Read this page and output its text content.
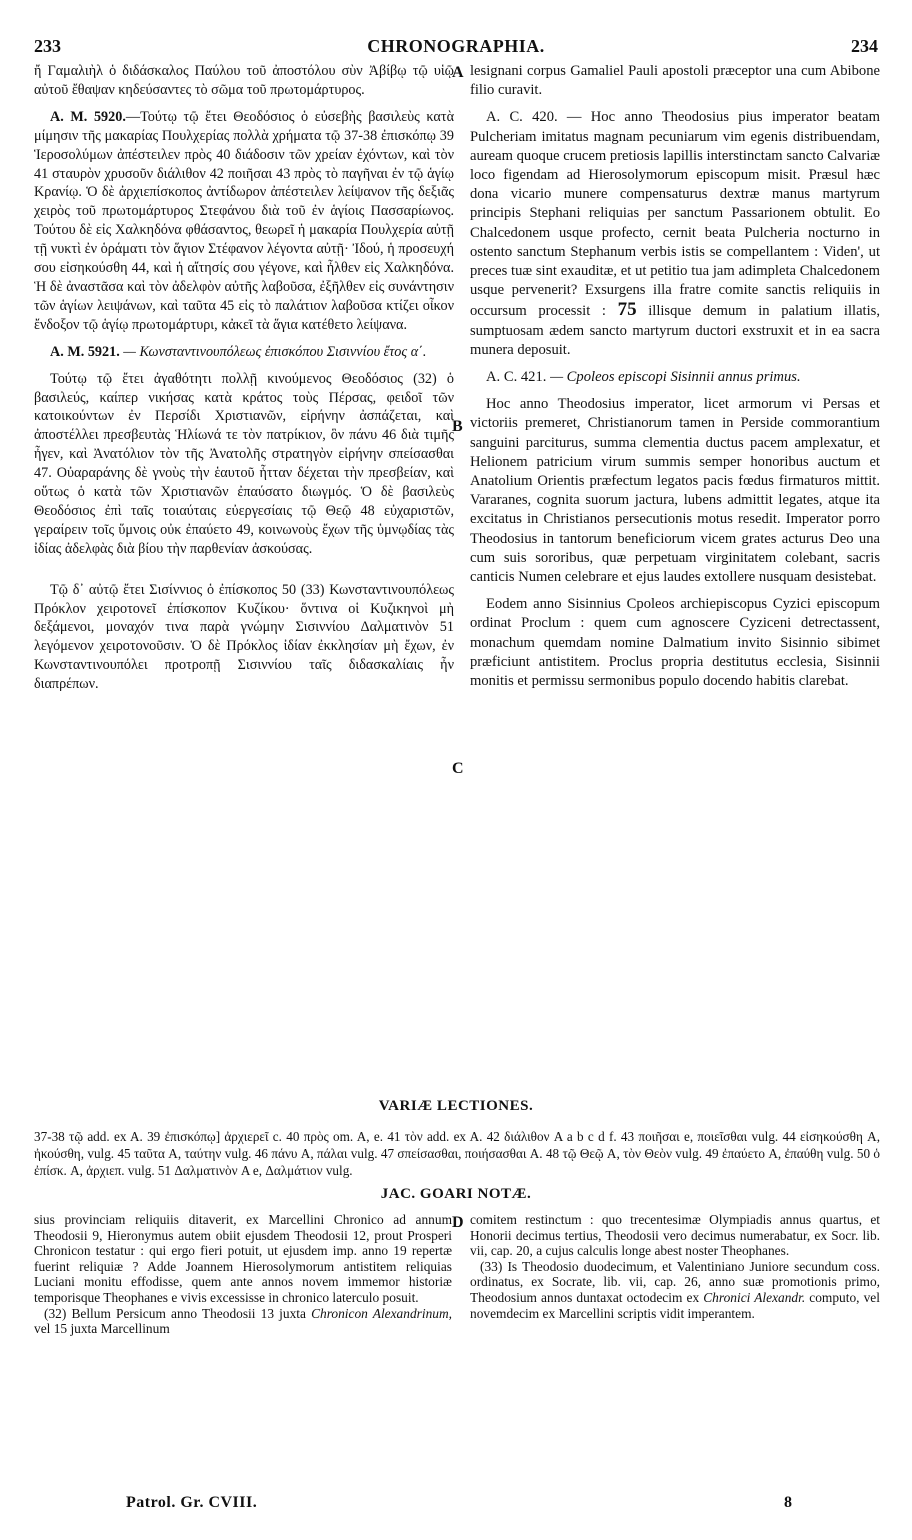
233	CHRONOGRAPHIA.	234

ἤ Γαμαλιὴλ ὁ διδάσκαλος Παύλου τοῦ ἀποστόλου σὺν Ἀβίβῳ τῷ υἱῷ αὐτοῦ ἔθαψαν κηδεύσαντες τὸ σῶμα τοῦ πρωτομάρτυρος.

A. M. 5920.—Τούτῳ τῷ ἔτει Θεοδόσιος ὁ εὐσεβὴς βασιλεὺς κατὰ μίμησιν τῆς μακαρίας Πουλχερίας πολλὰ χρήματα τῷ 37-38 ἐπισκόπῳ 39 Ἱεροσολύμων ἀπέστειλεν πρὸς 40 διάδοσιν τῶν χρείαν ἐχόντων, καὶ τὸν 41 σταυρὸν χρυσοῦν διάλιθον 42 ποιῆσαι 43 πρὸς τὸ παγῆναι ἐν τῷ ἁγίῳ Κρανίῳ. Ὁ δὲ ἀρχιεπίσκοπος ἀντίδωρον ἀπέστειλεν λείψανον τῆς δεξιᾶς χειρὸς τοῦ πρωτομάρτυρος Στεφάνου διὰ τοῦ ἐν ἁγίοις Πασσαρίωνος. Τούτου δὲ εἰς Χαλκηδόνα φθάσαντος, θεωρεῖ ἡ μακαρία Πουλχερία αὐτῇ τῇ νυκτὶ ἐν ὁράματι τὸν ἅγιον Στέφανον λέγοντα αὐτῇ· Ἰδού, ἡ προσευχή σου εἰσηκούσθη 44, καὶ ἡ αἴτησίς σου γέγονε, καὶ ἦλθεν εἰς Χαλκηδόνα. Ἡ δὲ ἀναστᾶσα καὶ τὸν ἀδελφὸν αὐτῆς λαβοῦσα, ἐξῆλθεν εἰς συνάντησιν τῶν ἁγίων λειψάνων, καὶ ταῦτα 45 εἰς τὸ παλάτιον λαβοῦσα κτίζει οἶκον ἔνδοξον τῷ ἁγίῳ πρωτομάρτυρι, κἀκεῖ τὰ ἅγια κατέθετο λείψανα.

A. M. 5921. — Κωνσταντινουπόλεως ἐπισκόπου Σισιννίου ἔτος α΄.

Τούτῳ τῷ ἔτει ἀγαθότητι πολλῇ κινούμενος Θεοδόσιος (32) ὁ βασιλεύς, καίπερ νικήσας κατὰ κράτος τοὺς Πέρσας, φειδοῖ τῶν κατοικούντων ἐν Περσίδι Χριστιανῶν, εἰρήνην ἀσπάζεται, καὶ ἀποστέλλει πρεσβευτὰς Ἡλίωνά τε τὸν πατρίκιον, ὃν πάνυ 46 διὰ τιμῆς ἦγεν, καὶ Ἀνατόλιον τὸν τῆς Ἀνατολῆς στρατηγὸν εἰρήνην σπείσασθαι 47. Οὐαραράνης δὲ γνοὺς τὴν ἑαυτοῦ ἧτταν δέχεται τὴν πρεσβείαν, καὶ οὕτως ὁ κατὰ τῶν Χριστιανῶν ἐπαύσατο διωγμός. Ὁ δὲ βασιλεὺς Θεοδόσιος ἐπὶ ταῖς τοιαύταις εὐεργεσίαις τῷ Θεῷ 48 εὐχαριστῶν, γεραίρειν τοῖς ὕμνοις οὐκ ἐπαύετο 49, κοινωνοὺς ἔχων τῆς ὑμνῳδίας τὰς ἰδίας ἀδελφὰς διὰ βίου τὴν παρθενίαν ἀσκούσας.

Τῷ δ᾽ αὐτῷ ἔτει Σισίννιος ὁ ἐπίσκοπος 50 (33) Κωνσταντινουπόλεως Πρόκλον χειροτονεῖ ἐπίσκοπον Κυζίκου· ὅντινα οἱ Κυζικηνοὶ μὴ δεξάμενοι, μοναχόν τινα παρὰ γνώμην Σισιννίου Δαλματινὸν 51 λεγόμενον χειροτονοῦσιν. Ὁ δὲ Πρόκλος ἰδίαν ἐκκλησίαν μὴ ἔχων, ἐν Κωνσταντινουπόλει προτροπῇ Σισιννίου ταῖς διδασκαλίαις ἦν διαπρέπων.

lesignani corpus Gamaliel Pauli apostoli præceptor una cum Abibone filio curavit.

A. C. 420. — Hoc anno Theodosius pius imperator beatam Pulcheriam imitatus magnam pecuniarum vim egenis distribuendam, auream quoque crucem pretiosis lapillis interstinctam sancto Calvariæ loco figendam ad Hierosolymorum episcopum misit. Præsul hæc dona vicario munere compensaturus dextræ manus martyrum principis Stephani reliquias per sanctum Passarionem obtulit. Eo Chalcedonem usque profecto, cernit beata Pulcheria nocturno in ostento sanctum Stephanum verbis istis se compellantem : Viden', ut preces tuæ sint exauditæ, et ut petitio tua jam adimpleta Chalcedonem usque pervenerit? Exsurgens illa fratre comite sanctis reliquiis in occursum processit : 75 illisque demum in palatium illatis, sumptuosam ædem sancto martyrum ductori exstruxit et in ea sacra munera deposuit.

A. C. 421. — Cpoleos episcopi Sisinnii annus primus.

Hoc anno Theodosius imperator, licet armorum vi Persas et victoriis premeret, Christianorum tamen in Perside commorantium sanguini parciturus, summa clementia ductus pacem amplexatur, et Helionem patricium virum summis semper honoribus auctum et Anatolium Orientis præfectum legatos pacis fœdus firmaturos mittit. Vararanes, cognita suorum jactura, lubens admittit legates, atque ita excitatus in Christianos persecutionis motus resedit. Imperator porro Theodosius in tantorum beneficiorum vicem grates acturus Deo una cum suis sororibus, quæ perpetuam virginitatem colebant, sacris canticis Numen celebrare et ejus laudes extollere nusquam desistebat.

Eodem anno Sisinnius Cpoleos archiepiscopus Cyzici episcopum ordinat Proclum : quem cum agnoscere Cyziceni detrectassent, monachum quemdam nomine Dalmatium invito Sisinnio sibimet præficiunt antistitem. Proclus propria destitutus ecclesia, Sisinnii monitis et permissu sermonibus populo docendo habitis clarebat.

A
B
C
D
VARIÆ LECTIONES.

37-38 τῷ add. ex A. 39 ἐπισκόπῳ] ἀρχιερεῖ c. 40 πρὸς om. A, e. 41 τὸν add. ex A. 42 διάλιθον A a b c d f. 43 ποιῆσαι e, ποιεῖσθαι vulg. 44 εἰσηκούσθη A, ἠκούσθη, vulg. 45 ταῦτα A, ταύτην vulg. 46 πάνυ A, πάλαι vulg. 47 σπείσασθαι, ποιήσασθαι A. 48 τῷ Θεῷ A, τὸν Θεὸν vulg. 49 ἐπαύετο A, ἐπαύθη vulg. 50 ὁ ἐπίσκ. A, ἀρχιεπ. vulg. 51 Δαλματινὸν A e, Δαλμάτιον vulg.

JAC. GOARI NOTÆ.

sius provinciam reliquiis ditaverit, ex Marcellini Chronico ad annum Theodosii 9, Hieronymus autem obiit ejusdem Theodosii 12, prout Prosperi Chronicon testatur : qui ergo fieri potuit, ut ejusdem imp. anno 19 repertæ fuerint reliquiæ ? Adde Joannem Hierosolymorum antistitem reliquias Luciani monitu effodisse, quem ante annos novem immemor historiæ temporisque Theophanes e vivis excessisse in chronico laterculo posuit.

(32) Bellum Persicum anno Theodosii 13 juxta Chronicon Alexandrinum, vel 15 juxta Marcellinum

comitem restinctum : quo trecentesimæ Olympiadis annus quartus, et Honorii decimus tertius, Theodosii vero decimus numerabatur, ex Socr. lib. vii, cap. 20, a cujus calculis longe abest noster Theophanes.

(33) Is Theodosio duodecimum, et Valentiniano Juniore secundum coss. ordinatus, ex Socrate, lib. vii, cap. 26, anno suæ promotionis primo, Theodosium annos duntaxat octodecim ex Chronici Alexandr. computo, vel novemdecim ex Marcellini scriptis vidit imperantem.

Patrol. Gr. CVIII.	8
